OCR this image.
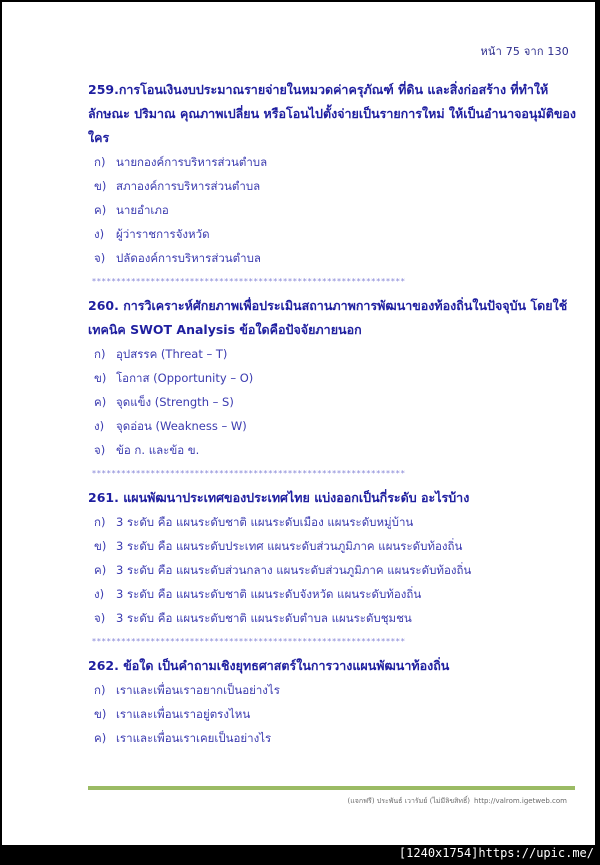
หน้า 75 จาก 130
259.การโอนเงินงบประมาณรายจ่ายในหมวดค่าครุภัณฑ์ ที่ดิน และสิ่งก่อสร้าง ที่ทำให้ลักษณะ ปริมาณ คุณภาพเปลี่ยน หรือโอนไปตั้งจ่ายเป็นรายการใหม่ ให้เป็นอำนาจอนุมัติของใคร
ก) นายกองค์การบริหารส่วนตำบล
ข) สภาองค์การบริหารส่วนตำบล
ค) นายอำเภอ
ง)	ผู้ว่าราชการจังหวัด
จ) ปลัดองค์การบริหารส่วนตำบล
****************************************************************
260. การวิเคราะห์ศักยภาพเพื่อประเมินสถานภาพการพัฒนาของท้องถิ่นในปัจจุบัน โดยใช้เทคนิค SWOT Analysis ข้อใดคือปัจจัยภายนอก
ก) อุปสรรค (Threat – T)
ข) โอกาส (Opportunity – O)
ค) จุดแข็ง (Strength – S)
ง)	จุดอ่อน (Weakness – W)
จ) ข้อ ก. และข้อ ข.
****************************************************************
261. แผนพัฒนาประเทศของประเทศไทย แบ่งออกเป็นกี่ระดับ อะไรบ้าง
ก) 3 ระดับ คือ แผนระดับชาติ แผนระดับเมือง แผนระดับหมู่บ้าน
ข) 3 ระดับ คือ แผนระดับประเทศ แผนระดับส่วนภูมิภาค แผนระดับท้องถิ่น
ค) 3 ระดับ คือ แผนระดับส่วนกลาง แผนระดับส่วนภูมิภาค แผนระดับท้องถิ่น
ง)	3 ระดับ คือ แผนระดับชาติ แผนระดับจังหวัด แผนระดับท้องถิ่น
จ) 3 ระดับ คือ แผนระดับชาติ แผนระดับตำบล แผนระดับชุมชน
****************************************************************
262. ข้อใด เป็นคำถามเชิงยุทธศาสตร์ในการวางแผนพัฒนาท้องถิ่น
ก) เราและเพื่อนเราอยากเป็นอย่างไร
ข) เราและเพื่อนเราอยู่ตรงไหน
ค) เราและเพื่อนเราเคยเป็นอย่างไร
(แจกฟรี) ประพันธ์ เวารัมย์ (ไม่มีลิขสิทธิ์) http://valrom.igetweb.com
[1240x1754]https://upic.me/
